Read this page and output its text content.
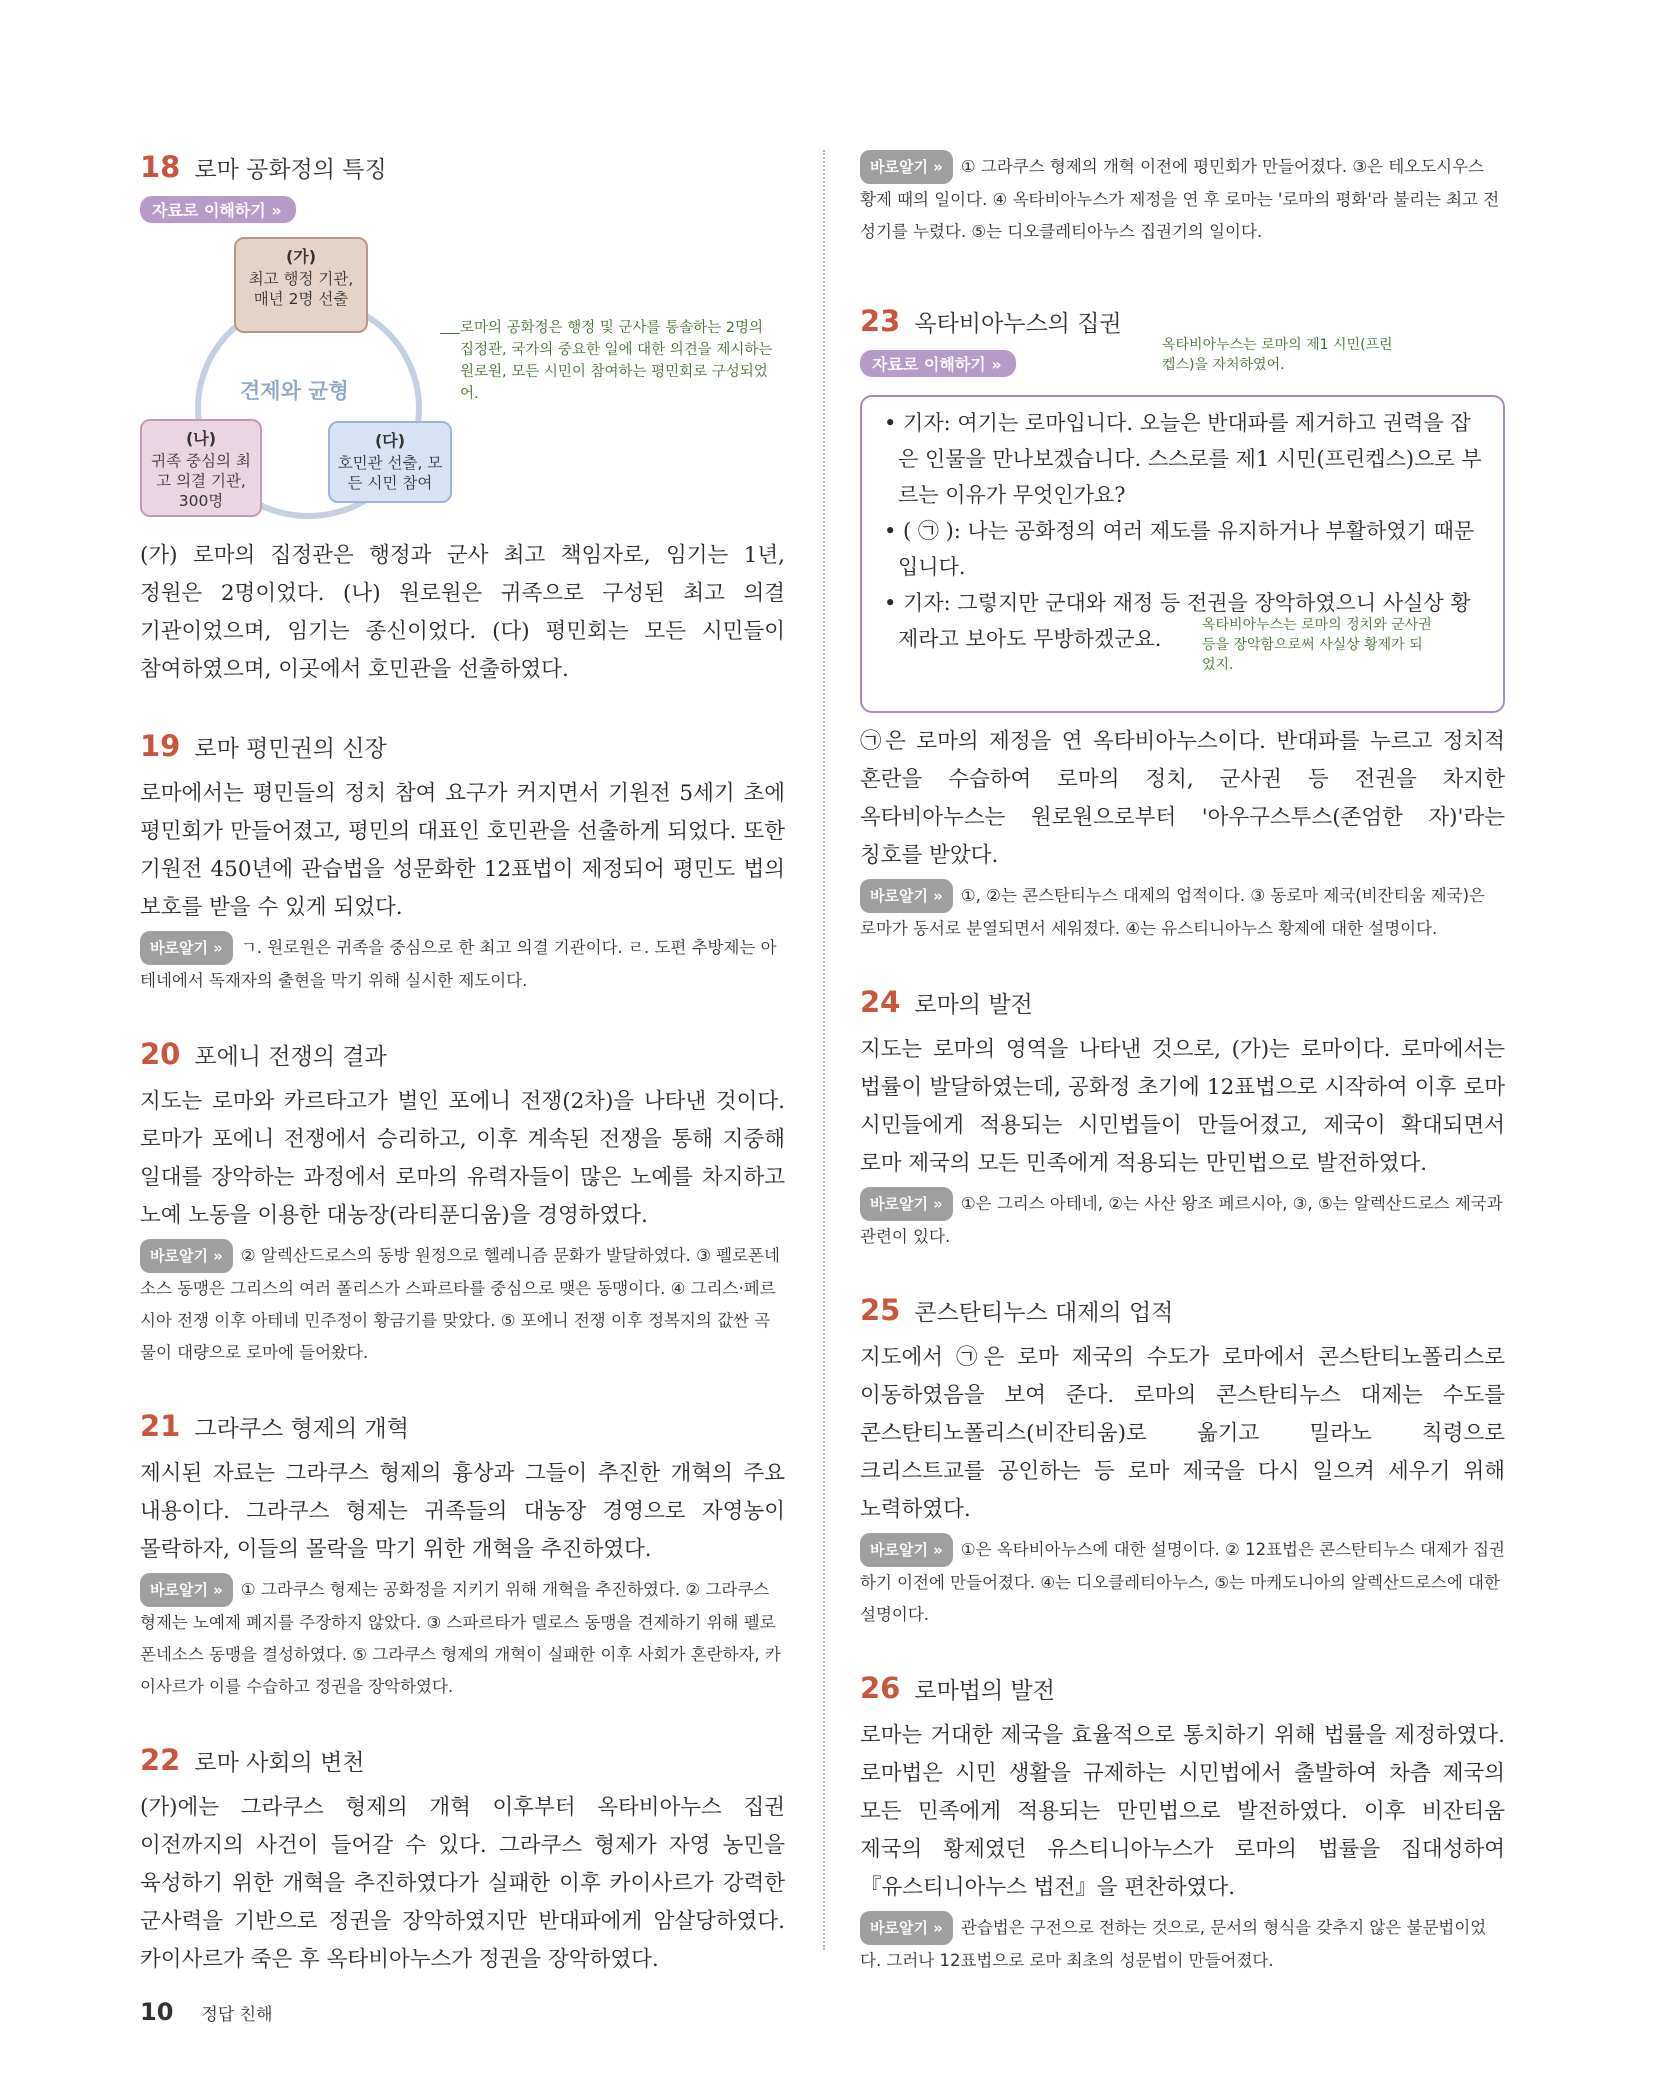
18 로마 공화정의 특징
자료로 이해하기 »
(가)
최고 행정 기관, 매년 2명 선출
(나)
귀족 중심의 최고 의결 기관, 300명
(다)
호민관 선출, 모든 시민 참여
견제와 균형
로마의 공화정은 행정 및 군사를 통솔하는 2명의 집정관, 국가의 중요한 일에 대한 의견을 제시하는 원로원, 모든 시민이 참여하는 평민회로 구성되었어.

(가) 로마의 집정관은 행정과 군사 최고 책임자로, 임기는 1년, 정원은 2명이었다. (나) 원로원은 귀족으로 구성된 최고 의결 기관이었으며, 임기는 종신이었다. (다) 평민회는 모든 시민들이 참여하였으며, 이곳에서 호민관을 선출하였다.

19 로마 평민권의 신장

로마에서는 평민들의 정치 참여 요구가 커지면서 기원전 5세기 초에 평민회가 만들어졌고, 평민의 대표인 호민관을 선출하게 되었다. 또한 기원전 450년에 관습법을 성문화한 12표법이 제정되어 평민도 법의 보호를 받을 수 있게 되었다.

바로알기 » ㄱ. 원로원은 귀족을 중심으로 한 최고 의결 기관이다. ㄹ. 도편 추방제는 아테네에서 독재자의 출현을 막기 위해 실시한 제도이다.

20 포에니 전쟁의 결과

지도는 로마와 카르타고가 벌인 포에니 전쟁(2차)을 나타낸 것이다. 로마가 포에니 전쟁에서 승리하고, 이후 계속된 전쟁을 통해 지중해 일대를 장악하는 과정에서 로마의 유력자들이 많은 노예를 차지하고 노예 노동을 이용한 대농장(라티푼디움)을 경영하였다.

바로알기 » ② 알렉산드로스의 동방 원정으로 헬레니즘 문화가 발달하였다. ③ 펠로폰네소스 동맹은 그리스의 여러 폴리스가 스파르타를 중심으로 맺은 동맹이다. ④ 그리스·페르시아 전쟁 이후 아테네 민주정이 황금기를 맞았다. ⑤ 포에니 전쟁 이후 정복지의 값싼 곡물이 대량으로 로마에 들어왔다.

21 그라쿠스 형제의 개혁

제시된 자료는 그라쿠스 형제의 흉상과 그들이 추진한 개혁의 주요 내용이다. 그라쿠스 형제는 귀족들의 대농장 경영으로 자영농이 몰락하자, 이들의 몰락을 막기 위한 개혁을 추진하였다.

바로알기 » ① 그라쿠스 형제는 공화정을 지키기 위해 개혁을 추진하였다. ② 그라쿠스 형제는 노예제 폐지를 주장하지 않았다. ③ 스파르타가 델로스 동맹을 견제하기 위해 펠로폰네소스 동맹을 결성하였다. ⑤ 그라쿠스 형제의 개혁이 실패한 이후 사회가 혼란하자, 카이사르가 이를 수습하고 정권을 장악하였다.

22 로마 사회의 변천

(가)에는 그라쿠스 형제의 개혁 이후부터 옥타비아누스 집권 이전까지의 사건이 들어갈 수 있다. 그라쿠스 형제가 자영 농민을 육성하기 위한 개혁을 추진하였다가 실패한 이후 카이사르가 강력한 군사력을 기반으로 정권을 장악하였지만 반대파에게 암살당하였다. 카이사르가 죽은 후 옥타비아누스가 정권을 장악하였다.

바로알기 » ① 그라쿠스 형제의 개혁 이전에 평민회가 만들어졌다. ③은 테오도시우스 황제 때의 일이다. ④ 옥타비아누스가 제정을 연 후 로마는 '로마의 평화'라 불리는 최고 전성기를 누렸다. ⑤는 디오클레티아누스 집권기의 일이다.

23 옥타비아누스의 집권
자료로 이해하기 »
옥타비아누스는 로마의 제1 시민(프린켑스)을 자처하였어.

• 기자: 여기는 로마입니다. 오늘은 반대파를 제거하고 권력을 잡은 인물을 만나보겠습니다. 스스로를 제1 시민(프린켑스)으로 부르는 이유가 무엇인가요?

• ( ㉠ ): 나는 공화정의 여러 제도를 유지하거나 부활하였기 때문입니다.

• 기자: 그렇지만 군대와 재정 등 전권을 장악하였으니 사실상 황제라고 보아도 무방하겠군요.

옥타비아누스는 로마의 정치와 군사권 등을 장악함으로써 사실상 황제가 되었지.

㉠은 로마의 제정을 연 옥타비아누스이다. 반대파를 누르고 정치적 혼란을 수습하여 로마의 정치, 군사권 등 전권을 차지한 옥타비아누스는 원로원으로부터 '아우구스투스(존엄한 자)'라는 칭호를 받았다.

바로알기 » ①, ②는 콘스탄티누스 대제의 업적이다. ③ 동로마 제국(비잔티움 제국)은 로마가 동서로 분열되면서 세워졌다. ④는 유스티니아누스 황제에 대한 설명이다.

24 로마의 발전

지도는 로마의 영역을 나타낸 것으로, (가)는 로마이다. 로마에서는 법률이 발달하였는데, 공화정 초기에 12표법으로 시작하여 이후 로마 시민들에게 적용되는 시민법들이 만들어졌고, 제국이 확대되면서 로마 제국의 모든 민족에게 적용되는 만민법으로 발전하였다.

바로알기 » ①은 그리스 아테네, ②는 사산 왕조 페르시아, ③, ⑤는 알렉산드로스 제국과 관련이 있다.

25 콘스탄티누스 대제의 업적

지도에서 ㉠은 로마 제국의 수도가 로마에서 콘스탄티노폴리스로 이동하였음을 보여 준다. 로마의 콘스탄티누스 대제는 수도를 콘스탄티노폴리스(비잔티움)로 옮기고 밀라노 칙령으로 크리스트교를 공인하는 등 로마 제국을 다시 일으켜 세우기 위해 노력하였다.

바로알기 » ①은 옥타비아누스에 대한 설명이다. ② 12표법은 콘스탄티누스 대제가 집권하기 이전에 만들어졌다. ④는 디오클레티아누스, ⑤는 마케도니아의 알렉산드로스에 대한 설명이다.

26 로마법의 발전

로마는 거대한 제국을 효율적으로 통치하기 위해 법률을 제정하였다. 로마법은 시민 생활을 규제하는 시민법에서 출발하여 차츰 제국의 모든 민족에게 적용되는 만민법으로 발전하였다. 이후 비잔티움 제국의 황제였던 유스티니아누스가 로마의 법률을 집대성하여 『유스티니아누스 법전』을 편찬하였다.

바로알기 » 관습법은 구전으로 전하는 것으로, 문서의 형식을 갖추지 않은 불문법이었다. 그러나 12표법으로 로마 최초의 성문법이 만들어졌다.

10 정답 친해
